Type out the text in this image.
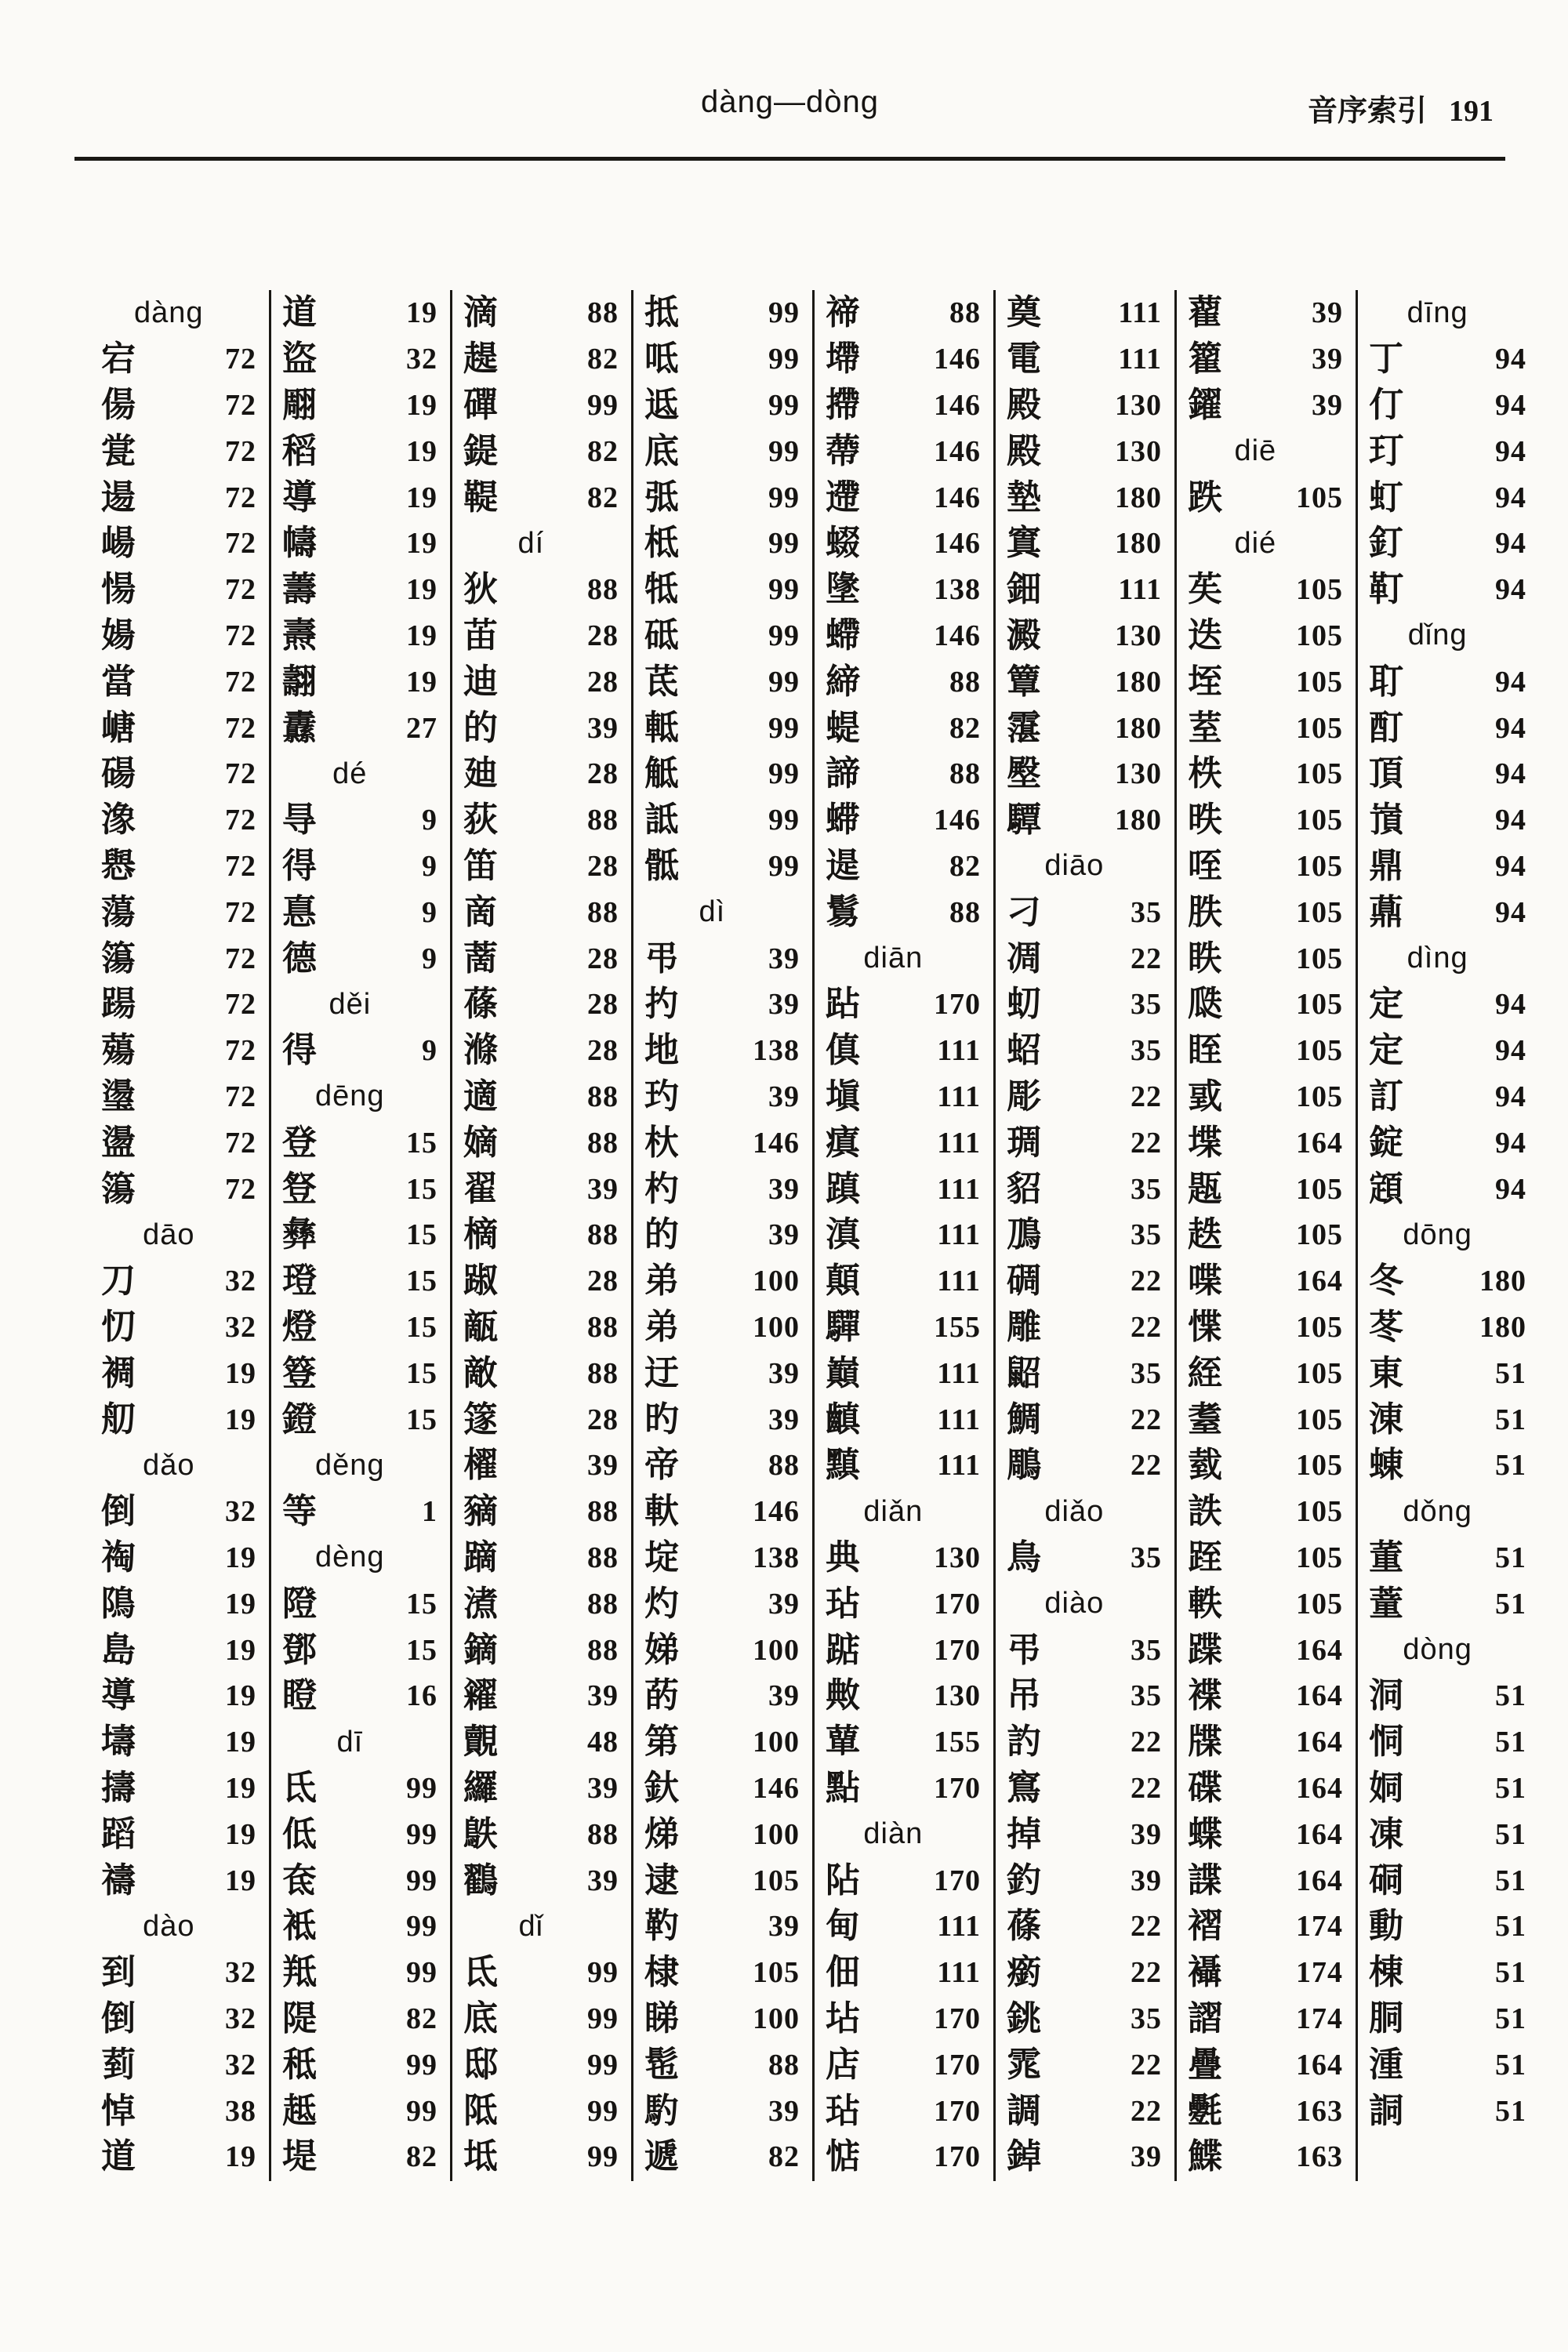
dàng—dòng	音序索引 191
dàng
宕	72
偒	72
瓽	72
逿	72
崵	72
愓	72
婸	72
當	72
嵣	72
碭	72
潒	72
㦛	72
蕩	72
簜	72
踼	72
薚	72
璗	72
盪	72
簜	72
dāo
刀	32
忉	32
裯	19
舠	19
dǎo
倒	32
祹	19
隝	19
島	19
導	19
壔	19
擣	19
蹈	19
禱	19
dào
到	32
倒	32
菿	32
悼	38
道	19
道	19
盜	32
翢	19
稻	19
導	19
幬	19
薵	19
燾	19
翿	19
纛	27
dé
㝵	9
得	9
惪	9
德	9
děi
得	9
dēng
登	15
豋	15
彝	15
璒	15
燈	15
簦	15
鐙	15
děng
等	1
dèng
隥	15
鄧	15
瞪	16
dī
氐	99
低	99
奃	99
袛	99
羝	99
隄	82
秪	99
趆	99
堤	82
滴	88
趧	82
磾	99
鍉	82
鞮	82
dí
狄	88
苖	28
迪	28
的	39
廸	28
荻	88
笛	28
啇	88
蔐	28
蓧	28
滌	28
適	88
嫡	88
翟	39
樀	88
踧	28
甋	88
敵	88
篴	28
櫂	39
豴	88
蹢	88
㵭	88
鏑	88
糴	39
覿	48
纙	39
䳀	88
鸐	39
dǐ
氐	99
底	99
邸	99
阺	99
坻	99
抵	99
呧	99
䢑	99
底	99
弤	99
柢	99
牴	99
砥	99
茋	99
軧	99
觝	99
詆	99
骶	99
dì
弔	39
扚	39
地 138
玓	39
杕 146
杓	39
的	39
弟 100
弟 100
迂	39
旳	39
帝	88
軑 146
埞 138
灼	39
娣 100
菂	39
第 100
釱 146
焍 100
逮 105
靮	39
棣 105
睇 100
髢	88
馰	39
遞	82
禘	88
墆 146
摕 146
蔕 146
遰 146
蝃 146
墬 138
螮 146
締	88
蝭	82
諦	88
䗖 146
遈	82
鬄	88
diān
跕 170
傎	111
塡	111
瘨	111
蹎	111
滇	111
顛	111
驒 155
巔	111
齻	111
黰	111
diǎn
典 130
玷 170
踮 170
敟 130
蕇 155
點 170
diàn
阽 170
甸	111
佃	111
坫 170
店 170
玷 170
惦 170
奠	111
電	111
殿 130
殿 130
墊 180
窴 180
鈿	111
澱 130
簟 180
霮 180
壂 130
驔 180
diāo
刁	35
凋	22
虭	35
蛁	35
彫	22
琱	22
貂	35
鳭	35
碉	22
雕	22
鼦	35
鯛	22
鵰	22
diǎo
鳥	35
diào
弔	35
吊	35
訋	22
窵	22
掉	39
釣	39
蓧	22
瘹	22
銚	35
雿	22
調	22
鋽	39
藋	39
籊	39
鑃	39
diē
跌 105
dié
苵 105
迭 105
垤 105
荎 105
柣 105
昳 105
咥 105
胅 105
眣 105
瓞 105
眰 105
戜 105
堞 164
㼵 105
趃 105
喋 164
惵 105
絰 105
耋 105
臷 105
詄 105
跮 105
軼 105
蹀 164
褋 164
牒 164
碟 164
蝶 164
諜 164
褶 174
襵 174
謵 174
疊 164
氎 163
鰈 163
dīng
丁	94
仃	94
玎	94
虰	94
釘	94
靪	94
dǐng
耵	94
酊	94
頂	94
嵿	94
鼎	94
薡	94
dìng
定	94
定	94
訂	94
錠	94
顁	94
dōng
冬	180
苳	180
東	51
涷	51
蝀	51
dǒng
董	51
蕫	51
dòng
洞	51
恫	51
姛	51
凍	51
硐	51
動	51
棟	51
胴	51
湩	51
詷	51
